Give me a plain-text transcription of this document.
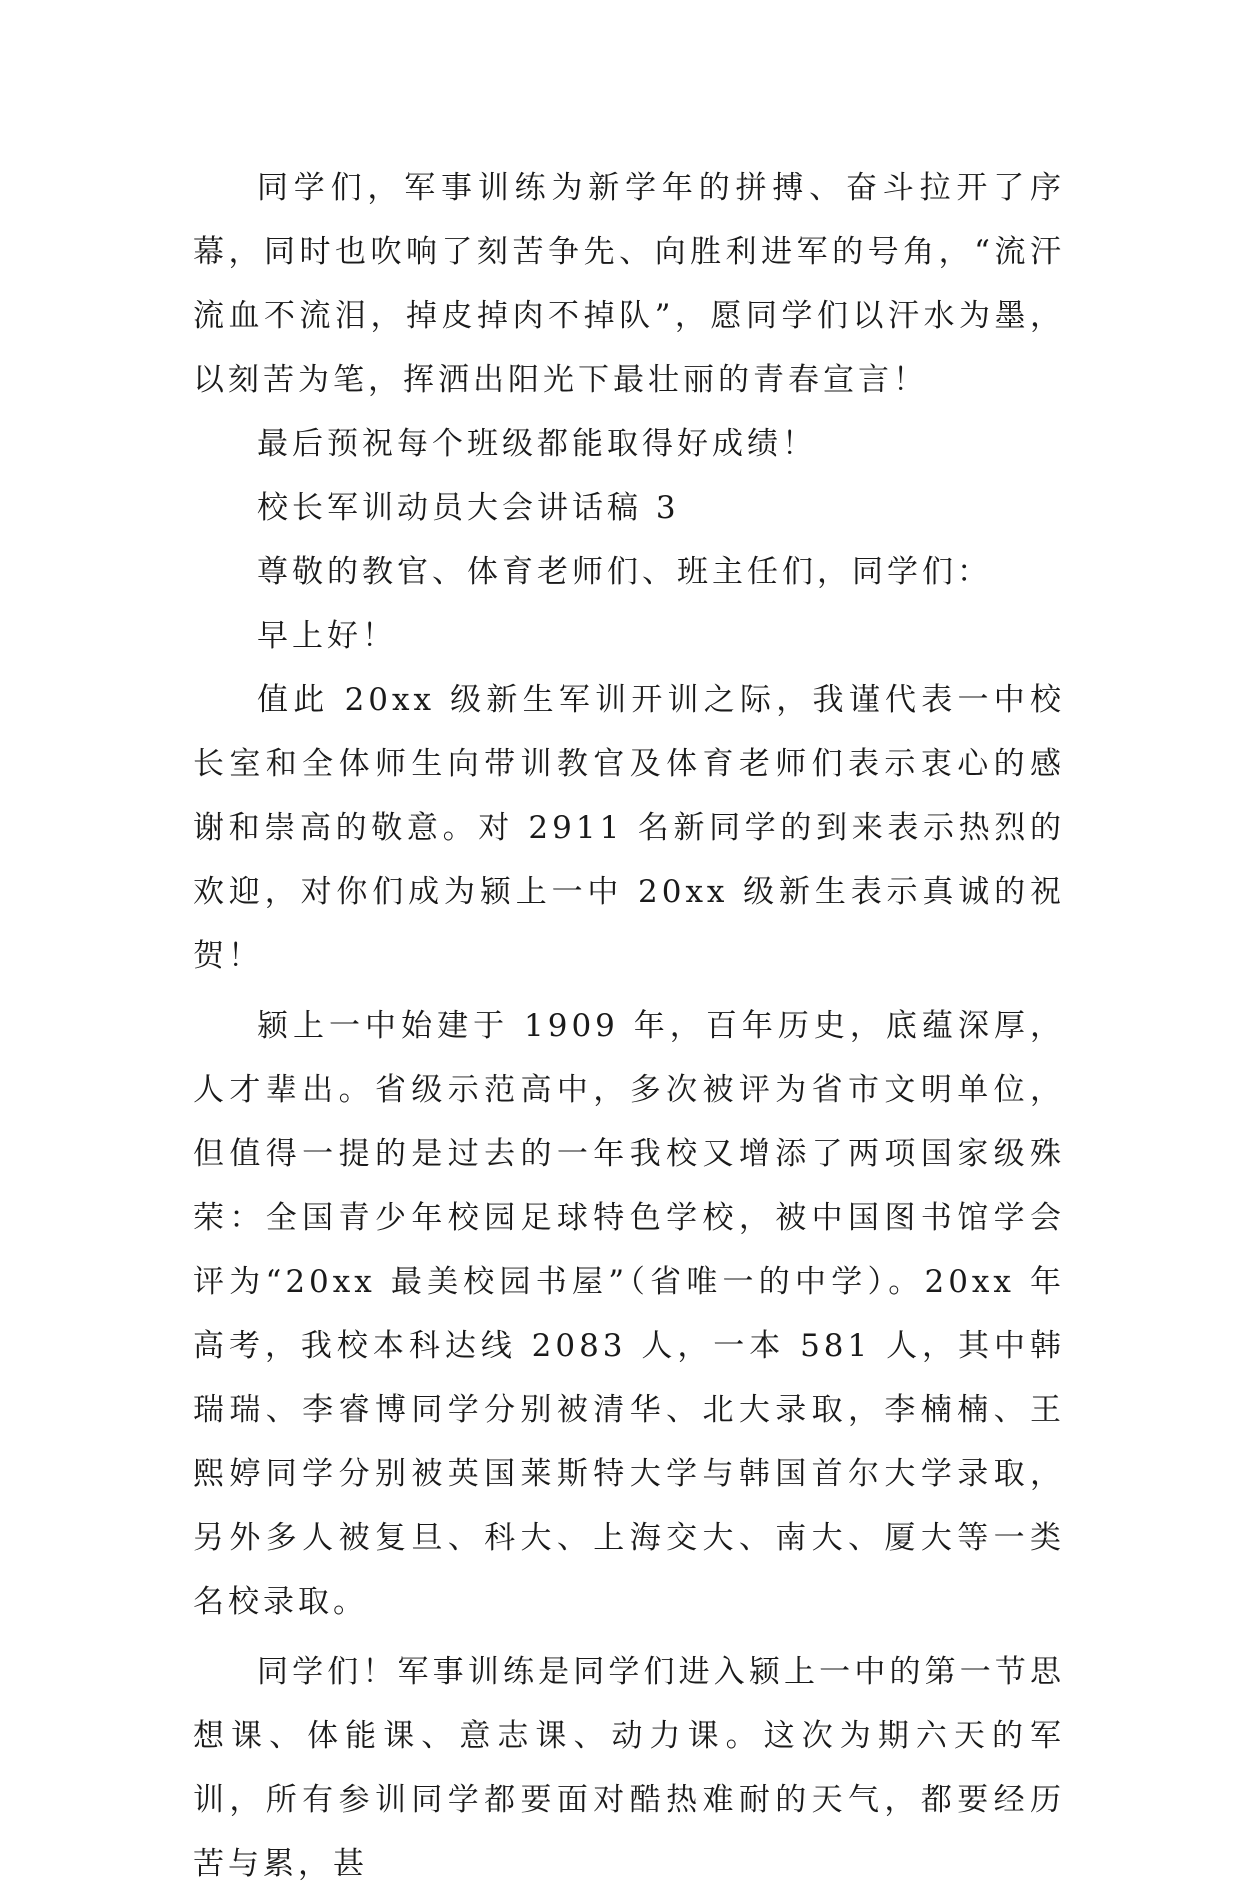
同学们，军事训练为新学年的拼搏、奋斗拉开了序幕，同时也吹响了刻苦争先、向胜利进军的号角，“流汗流血不流泪，掉皮掉肉不掉队”，愿同学们以汗水为墨，以刻苦为笔，挥洒出阳光下最壮丽的青春宣言！

最后预祝每个班级都能取得好成绩！

校长军训动员大会讲话稿 3

尊敬的教官、体育老师们、班主任们，同学们：

早上好！

值此 20xx 级新生军训开训之际，我谨代表一中校长室和全体师生向带训教官及体育老师们表示衷心的感谢和崇高的敬意。对 2911 名新同学的到来表示热烈的欢迎，对你们成为颍上一中 20xx 级新生表示真诚的祝贺！

颍上一中始建于 1909 年，百年历史，底蕴深厚，人才辈出。省级示范高中，多次被评为省市文明单位，但值得一提的是过去的一年我校又增添了两项国家级殊荣：全国青少年校园足球特色学校，被中国图书馆学会评为“20xx 最美校园书屋”（省唯一的中学）。20xx 年高考，我校本科达线 2083 人，一本 581 人，其中韩瑞瑞、李睿博同学分别被清华、北大录取，李楠楠、王熙婷同学分别被英国莱斯特大学与韩国首尔大学录取，另外多人被复旦、科大、上海交大、南大、厦大等一类名校录取。

同学们！军事训练是同学们进入颍上一中的第一节思想课、体能课、意志课、动力课。这次为期六天的军训，所有参训同学都要面对酷热难耐的天气，都要经历苦与累，甚
